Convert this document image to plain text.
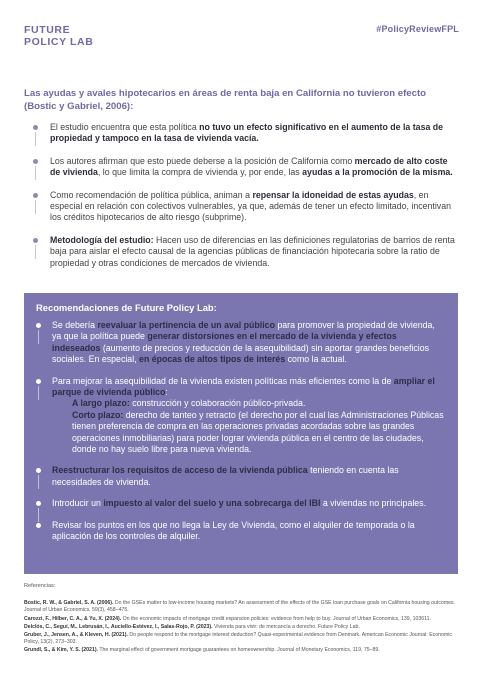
FUTURE
POLICY LAB
#PolicyReviewFPL
Las ayudas y avales hipotecarios en áreas de renta baja en California no tuvieron efecto (Bostic y Gabriel, 2006):
El estudio encuentra que esta política no tuvo un efecto significativo en el aumento de la tasa de propiedad y tampoco en la tasa de vivienda vacía.
Los autores afirman que esto puede deberse a la posición de California como mercado de alto coste de vivienda, lo que limita la compra de vivienda y, por ende, las ayudas a la promoción de la misma.
Como recomendación de política pública, animan a repensar la idoneidad de estas ayudas, en especial en relación con colectivos vulnerables, ya que, además de tener un efecto limitado, incentivan los créditos hipotecarios de alto riesgo (subprime).
Metodología del estudio: Hacen uso de diferencias en las definiciones regulatorias de barrios de renta baja para aislar el efecto causal de la agencias públicas de financiación hipotecaria sobre la ratio de propiedad y otras condiciones de mercados de vivienda.
Recomendaciones de Future Policy Lab:
Se debería reevaluar la pertinencia de un aval público para promover la propiedad de vivienda, ya que la política puede generar distorsiones en el mercado de la vivienda y efectos indeseados (aumento de precios y reducción de la asequibilidad) sin aportar grandes beneficios sociales. En especial, en épocas de altos tipos de interés como la actual.
Para mejorar la asequibilidad de la vivienda existen políticas más eficientes como la de ampliar el parque de vivienda público:
A largo plazo: construcción y colaboración público-privada.
Corto plazo: derecho de tanteo y retracto (el derecho por el cual las Administraciones Públicas tienen preferencia de compra en las operaciones privadas acordadas sobre las grandes operaciones inmobiliarias) para poder lograr vivienda pública en el centro de las ciudades, donde no hay suelo libre para nueva vivienda.
Reestructurar los requisitos de acceso de la vivienda pública teniendo en cuenta las necesidades de vivienda.
Introducir un impuesto al valor del suelo y una sobrecarga del IBI a viviendas no principales.
Revisar los puntos en los que no llega la Ley de Vivienda, como el alquiler de temporada o la aplicación de los controles de alquiler.
Referencias:
Bostic, R. W., & Gabriel, S. A. (2006). Do the GSEs matter to low-income housing markets? An assessment of the effects of the GSE loan purchase goals on California housing outcomes. Journal of Urban Economics, 59(3), 458–475.
Carozzi, F., Hilber, C. A., & Yu, X. (2024). On the economic impacts of mortgage credit expansion policies: evidence from help to buy. Journal of Urban Economics, 139, 103611.
Delclós, C., Seguí, M., Lebrusán, I., Auciello-Estévez, I., Salas-Rojo, P. (2023). Vivienda para vivir: de mercancía a derecho. Future Policy Lab.
Gruber, J., Jensen, A., & Kleven, H. (2021). Do people respond to the mortgage interest deduction? Quasi-experimental evidence from Denmark. American Economic Journal: Economic Policy, 13(2), 273–303.
Grundl, S., & Kim, Y. S. (2021). The marginal effect of government mortgage guarantees on homeownership. Journal of Monetary Economics, 119, 75–89.
